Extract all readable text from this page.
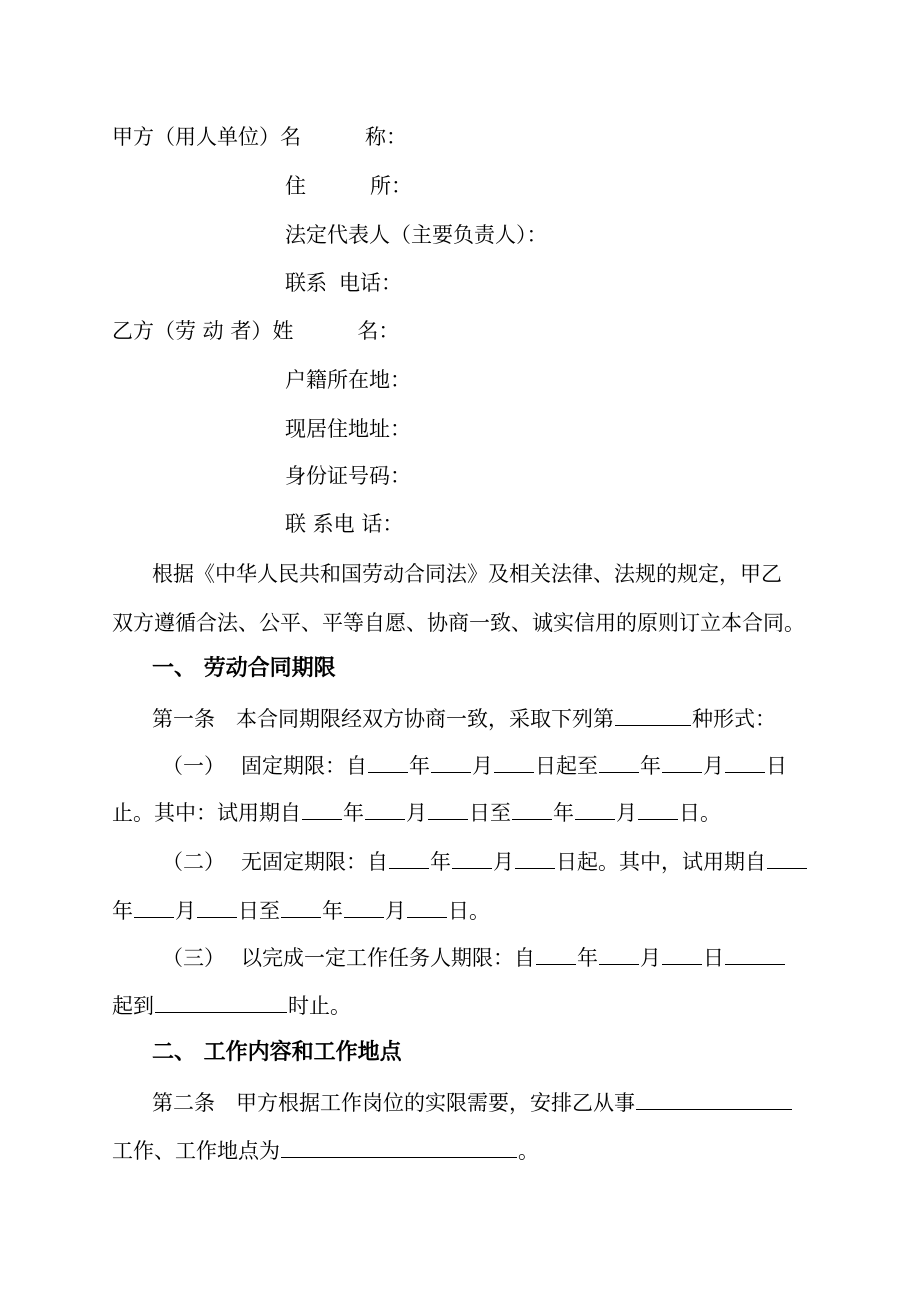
甲方（用人单位）名	称：
住	所：
法定代表人（主要负责人）：
联系 电话：
乙方（劳 动 者）姓	名：
户籍所在地：
现居住地址：
身份证号码：
联 系电 话：
根据《中华人民共和国劳动合同法》及相关法律、法规的规定，甲乙
双方遵循合法、公平、平等自愿、协商一致、诚实信用的原则订立本合同。
一、 劳动合同期限
第一条　本合同期限经双方协商一致，采取下列第	种形式：
（一） 固定期限：自 年 月 日起至 年 月 日
止。其中：试用期自 年 月 日至 年 月 日。
（二） 无固定期限：自 年 月 日起。其中，试用期自
年 月 日至 年 月 日。
（三） 以完成一定工作任务人期限：自 年 月 日
起到	时止。
二、 工作内容和工作地点
第二条　甲方根据工作岗位的实限需要，安排乙从事
工作、工作地点为	。
